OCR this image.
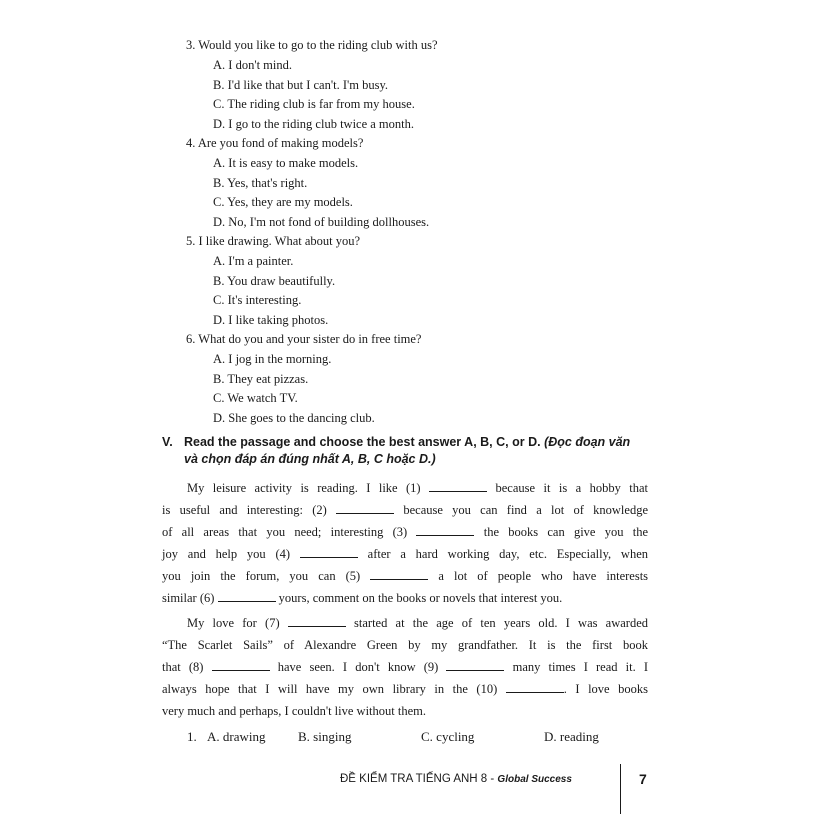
3. Would you like to go to the riding club with us?
A. I don't mind.
B. I'd like that but I can't. I'm busy.
C. The riding club is far from my house.
D. I go to the riding club twice a month.
4. Are you fond of making models?
A. It is easy to make models.
B. Yes, that's right.
C. Yes, they are my models.
D. No, I'm not fond of building dollhouses.
5. I like drawing. What about you?
A. I'm a painter.
B. You draw beautifully.
C. It's interesting.
D. I like taking photos.
6. What do you and your sister do in free time?
A. I jog in the morning.
B. They eat pizzas.
C. We watch TV.
D. She goes to the dancing club.
V. Read the passage and choose the best answer A, B, C, or D. (Đọc đoạn văn
và chọn đáp án đúng nhất A, B, C hoặc D.)
My leisure activity is reading. I like (1)	because it is a hobby that
is useful and interesting: (2)	because you can find a lot of knowledge
of all areas that you need; interesting (3)	the books can give you the
joy and help you (4)	after a hard working day, etc. Especially, when
you join the forum, you can (5)	a lot of people who have interests
similar (6)	yours, comment on the books or novels that interest you.
My love for (7)	started at the age of ten years old. I was awarded
“The Scarlet Sails” of Alexandre Green by my grandfather. It is the first book
that (8)	have seen. I don't know (9)	many times I read it. I
always hope that I will have my own library in the (10)	. I love books
very much and perhaps, I couldn't live without them.
1. A. drawing	B. singing	C. cycling	D. reading
ĐỀ KIỂM TRA TIẾNG ANH 8 - Global Success	7
